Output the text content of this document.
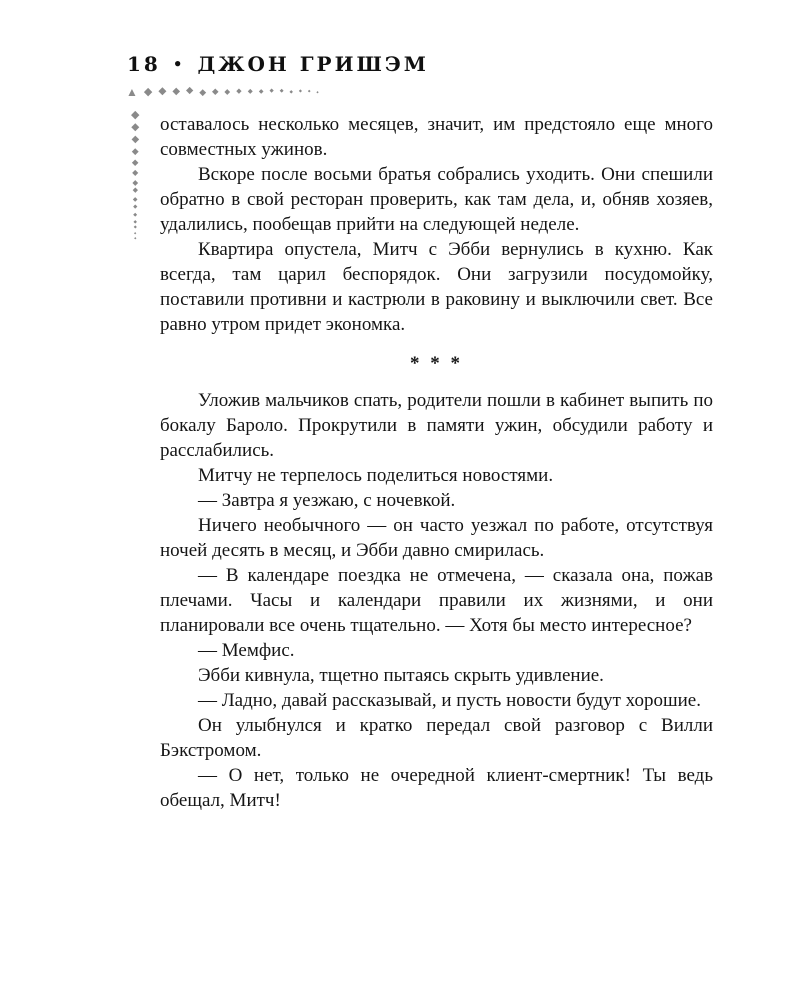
18 • ДЖОН ГРИШЭМ
▲ ◆ ◆ ◆ ◆ ◆ ◆ ◆ ◆ ◆ ◆ ◆ ◆ ◆ ◆ ◆ ◆
◆
◆
◆
◆
◆
◆
◆
◆
◆
◆
◆
◆
◆
◆
◆

оставалось несколько месяцев, значит, им предстояло еще много совместных ужинов.

Вскоре после восьми братья собрались уходить. Они спешили обратно в свой ресторан проверить, как там дела, и, обняв хозяев, удалились, пообещав прийти на следующей неделе.

Квартира опустела, Митч с Эбби вернулись в кухню. Как всегда, там царил беспорядок. Они загрузили посудомойку, поставили противни и кастрюли в раковину и выключили свет. Все равно утром придет экономка.

* * *

Уложив мальчиков спать, родители пошли в кабинет выпить по бокалу Бароло. Прокрутили в памяти ужин, обсудили работу и расслабились.

Митчу не терпелось поделиться новостями.

— Завтра я уезжаю, с ночевкой.

Ничего необычного — он часто уезжал по работе, отсутствуя ночей десять в месяц, и Эбби давно смирилась.

— В календаре поездка не отмечена, — сказала она, пожав плечами. Часы и календари правили их жизнями, и они планировали все очень тщательно. — Хотя бы место интересное?

— Мемфис.

Эбби кивнула, тщетно пытаясь скрыть удивление.

— Ладно, давай рассказывай, и пусть новости будут хорошие.

Он улыбнулся и кратко передал свой разговор с Вилли Бэкстромом.

— О нет, только не очередной клиент-смертник! Ты ведь обещал, Митч!
